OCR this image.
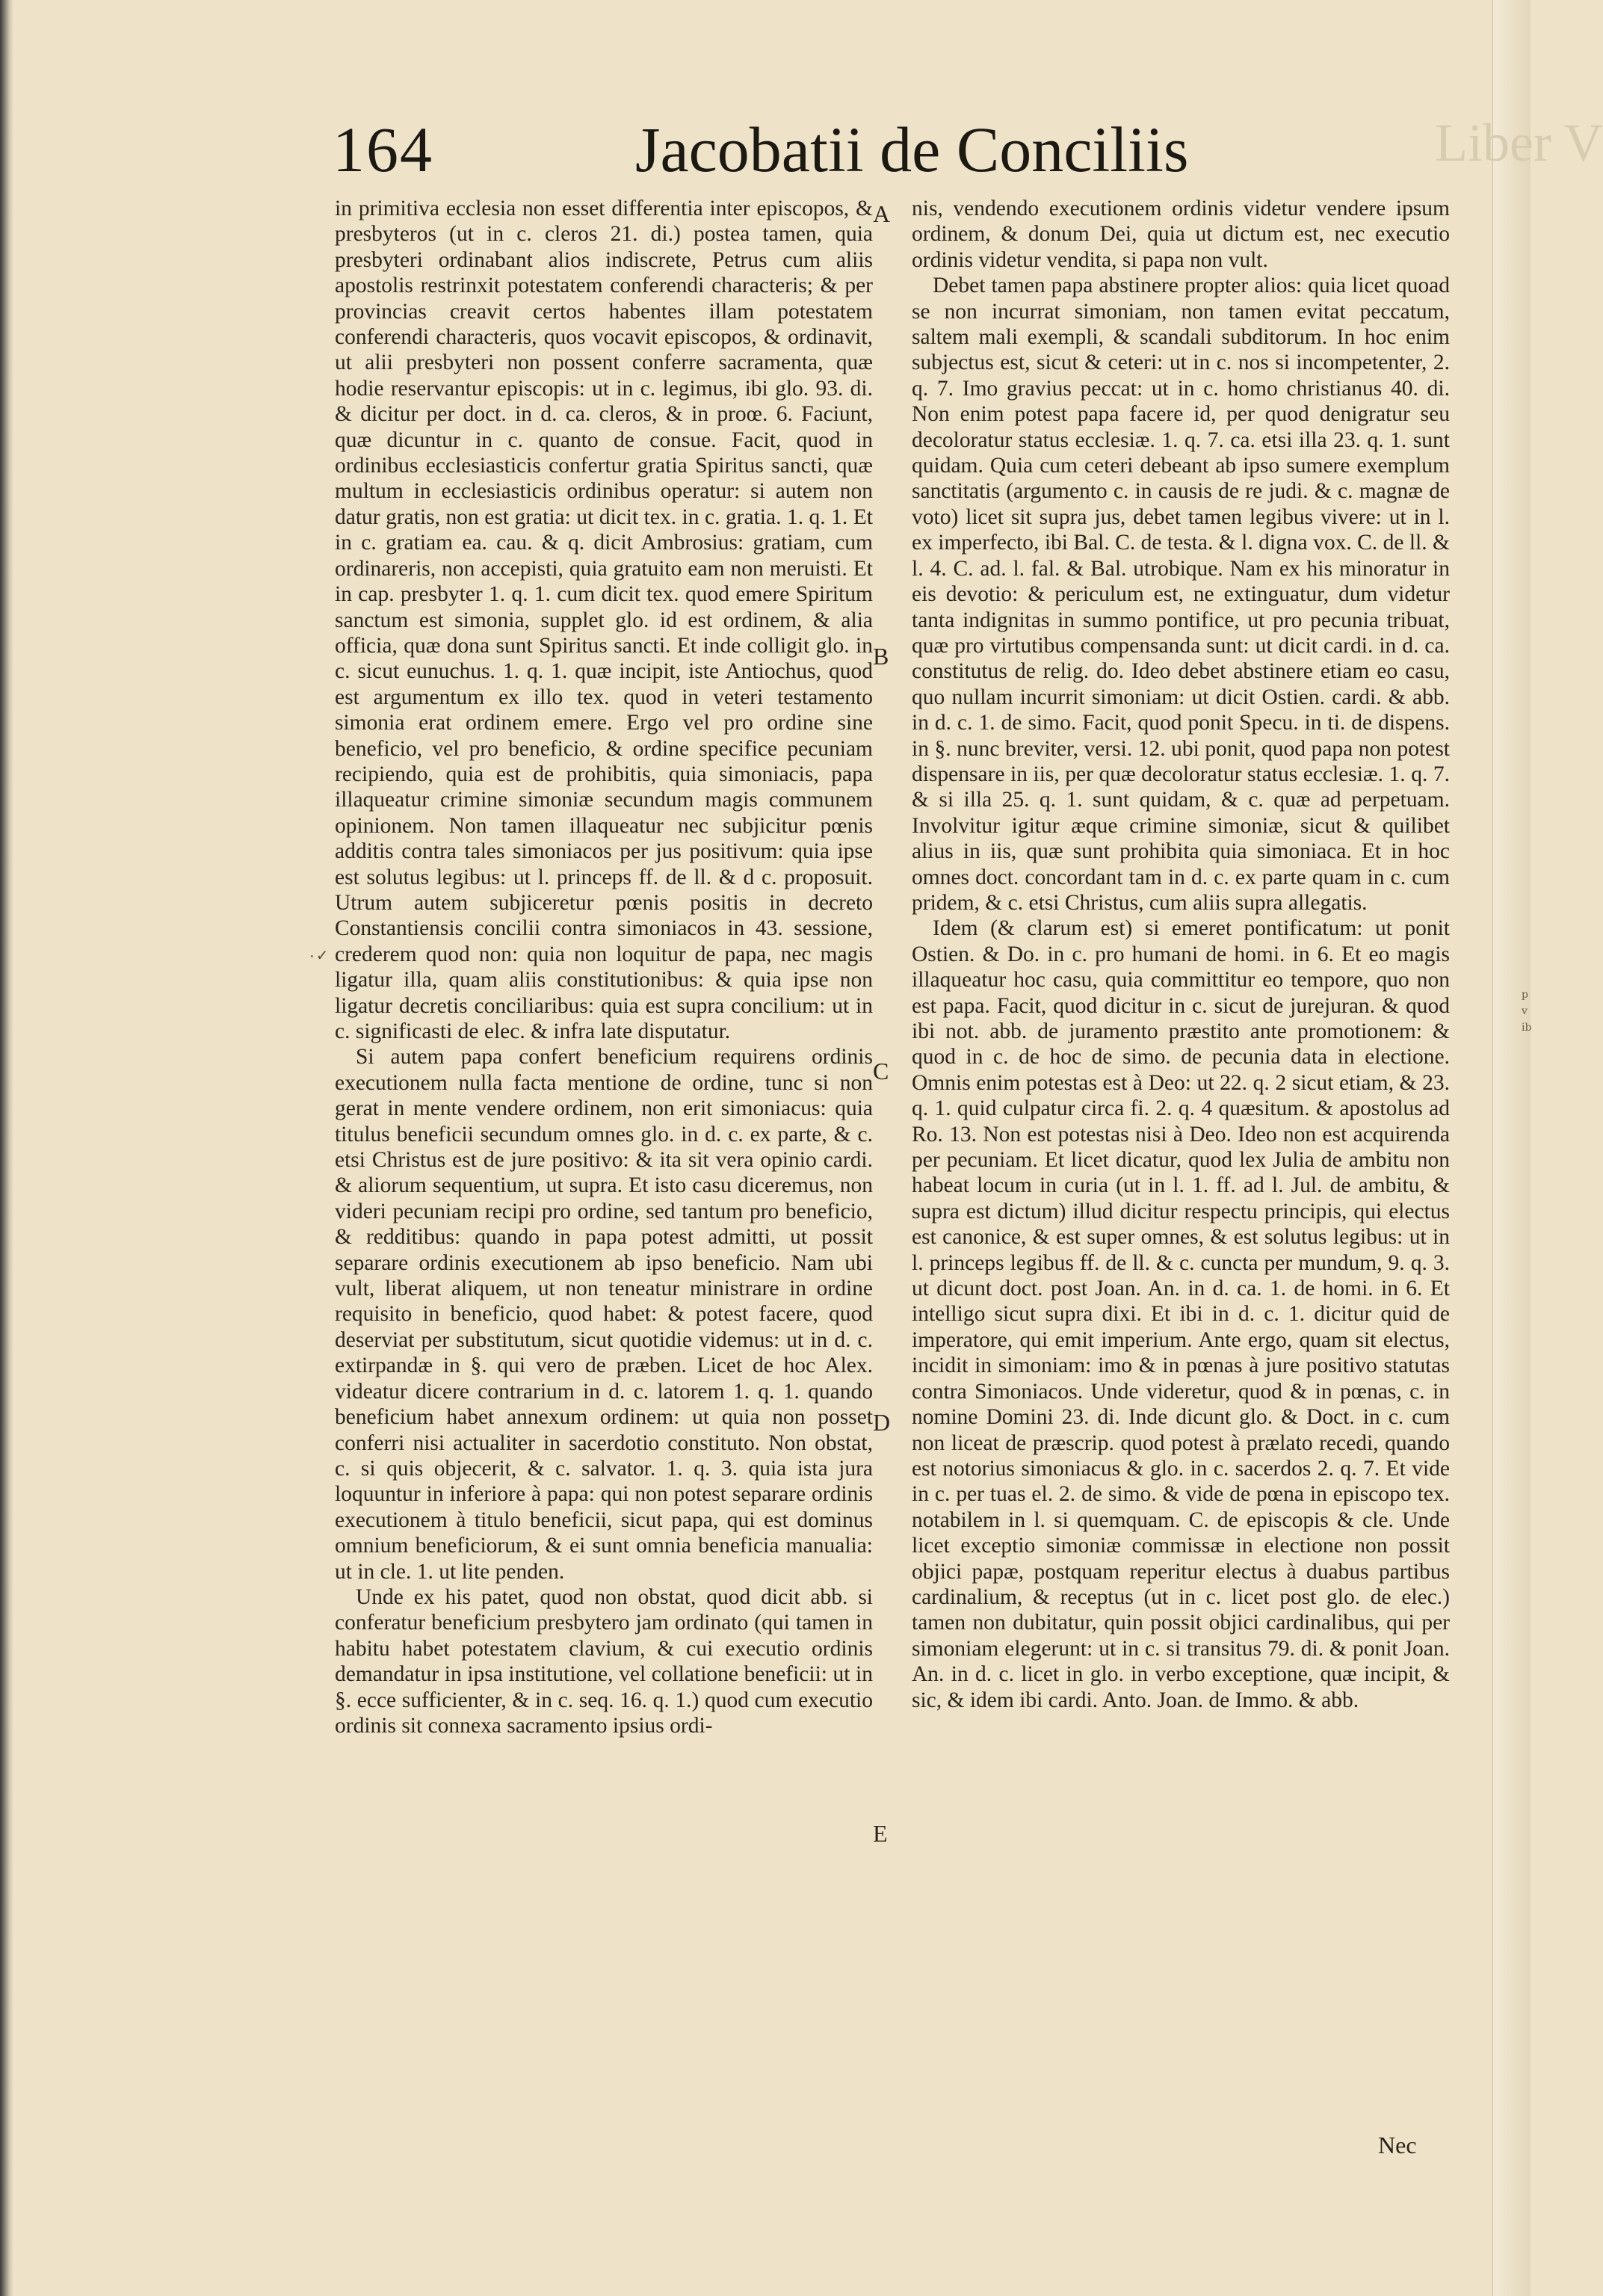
Liber V
p
v
ib
164	Jacobatii de Conciliis

in primitiva ecclesia non esset differentia inter episcopos, & presbyteros (ut in c. cleros 21. di.) postea tamen, quia presbyteri ordinabant alios indiscrete, Petrus cum aliis apostolis restrinxit potestatem conferendi characteris; & per provincias creavit certos habentes illam potestatem conferendi characteris, quos vocavit episcopos, & ordinavit, ut alii presbyteri non possent conferre sacramenta, quæ hodie reservantur episcopis: ut in c. legimus, ibi glo. 93. di. & dicitur per doct. in d. ca. cleros, & in proœ. 6. Faciunt, quæ dicuntur in c. quanto de consue. Facit, quod in ordinibus ecclesiasticis confertur gratia Spiritus sancti, quæ multum in ecclesiasticis ordinibus operatur: si autem non datur gratis, non est gratia: ut dicit tex. in c. gratia. 1. q. 1. Et in c. gratiam ea. cau. & q. dicit Ambrosius: gratiam, cum ordinareris, non accepisti, quia gratuito eam non meruisti. Et in cap. presbyter 1. q. 1. cum dicit tex. quod emere Spiritum sanctum est simonia, supplet glo. id est ordinem, & alia officia, quæ dona sunt Spiritus sancti. Et inde colligit glo. in c. sicut eunuchus. 1. q. 1. quæ incipit, iste Antiochus, quod est argumentum ex illo tex. quod in veteri testamento simonia erat ordinem emere. Ergo vel pro ordine sine beneficio, vel pro beneficio, & ordine specifice pecuniam recipiendo, quia est de prohibitis, quia simoniacis, papa illaqueatur crimine simoniæ secundum magis communem opinionem. Non tamen illaqueatur nec subjicitur pœnis additis contra tales simoniacos per jus positivum: quia ipse est solutus legibus: ut l. princeps ff. de ll. & d c. proposuit. Utrum autem subjiceretur pœnis positis in decreto Constantiensis concilii contra simoniacos in 43. sessione, crederem quod non: quia non loquitur de papa, nec magis ligatur illa, quam aliis constitutionibus: & quia ipse non ligatur decretis conciliaribus: quia est supra concilium: ut in c. significasti de elec. & infra late disputatur.

Si autem papa confert beneficium requirens ordinis executionem nulla facta mentione de ordine, tunc si non gerat in mente vendere ordinem, non erit simoniacus: quia titulus beneficii secundum omnes glo. in d. c. ex parte, & c. etsi Christus est de jure positivo: & ita sit vera opinio cardi. & aliorum sequentium, ut supra. Et isto casu diceremus, non videri pecuniam recipi pro ordine, sed tantum pro beneficio, & redditibus: quando in papa potest admitti, ut possit separare ordinis executionem ab ipso beneficio. Nam ubi vult, liberat aliquem, ut non teneatur ministrare in ordine requisito in beneficio, quod habet: & potest facere, quod deserviat per substitutum, sicut quotidie videmus: ut in d. c. extirpandæ in §. qui vero de præben. Licet de hoc Alex. videatur dicere contrarium in d. c. latorem 1. q. 1. quando beneficium habet annexum ordinem: ut quia non posset conferri nisi actualiter in sacerdotio constituto. Non obstat, c. si quis objecerit, & c. salvator. 1. q. 3. quia ista jura loquuntur in inferiore à papa: qui non potest separare ordinis executionem à titulo beneficii, sicut papa, qui est dominus omnium beneficiorum, & ei sunt omnia beneficia manualia: ut in cle. 1. ut lite penden.

Unde ex his patet, quod non obstat, quod dicit abb. si conferatur beneficium presbytero jam ordinato (qui tamen in habitu habet potestatem clavium, & cui executio ordinis demandatur in ipsa institutione, vel collatione beneficii: ut in §. ecce sufficienter, & in c. seq. 16. q. 1.) quod cum executio ordinis sit connexa sacramento ipsius ordi-

nis, vendendo executionem ordinis videtur vendere ipsum ordinem, & donum Dei, quia ut dictum est, nec executio ordinis videtur vendita, si papa non vult.

Debet tamen papa abstinere propter alios: quia licet quoad se non incurrat simoniam, non tamen evitat peccatum, saltem mali exempli, & scandali subditorum. In hoc enim subjectus est, sicut & ceteri: ut in c. nos si incompetenter, 2. q. 7. Imo gravius peccat: ut in c. homo christianus 40. di. Non enim potest papa facere id, per quod denigratur seu decoloratur status ecclesiæ. 1. q. 7. ca. etsi illa 23. q. 1. sunt quidam. Quia cum ceteri debeant ab ipso sumere exemplum sanctitatis (argumento c. in causis de re judi. & c. magnæ de voto) licet sit supra jus, debet tamen legibus vivere: ut in l. ex imperfecto, ibi Bal. C. de testa. & l. digna vox. C. de ll. & l. 4. C. ad. l. fal. & Bal. utrobique. Nam ex his minoratur in eis devotio: & periculum est, ne extinguatur, dum videtur tanta indignitas in summo pontifice, ut pro pecunia tribuat, quæ pro virtutibus compensanda sunt: ut dicit cardi. in d. ca. constitutus de relig. do. Ideo debet abstinere etiam eo casu, quo nullam incurrit simoniam: ut dicit Ostien. cardi. & abb. in d. c. 1. de simo. Facit, quod ponit Specu. in ti. de dispens. in §. nunc breviter, versi. 12. ubi ponit, quod papa non potest dispensare in iis, per quæ decoloratur status ecclesiæ. 1. q. 7. & si illa 25. q. 1. sunt quidam, & c. quæ ad perpetuam. Involvitur igitur æque crimine simoniæ, sicut & quilibet alius in iis, quæ sunt prohibita quia simoniaca. Et in hoc omnes doct. concordant tam in d. c. ex parte quam in c. cum pridem, & c. etsi Christus, cum aliis supra allegatis.

Idem (& clarum est) si emeret pontificatum: ut ponit Ostien. & Do. in c. pro humani de homi. in 6. Et eo magis illaqueatur hoc casu, quia committitur eo tempore, quo non est papa. Facit, quod dicitur in c. sicut de jurejuran. & quod ibi not. abb. de juramento præstito ante promotionem: & quod in c. de hoc de simo. de pecunia data in electione. Omnis enim potestas est à Deo: ut 22. q. 2 sicut etiam, & 23. q. 1. quid culpatur circa fi. 2. q. 4 quæsitum. & apostolus ad Ro. 13. Non est potestas nisi à Deo. Ideo non est acquirenda per pecuniam. Et licet dicatur, quod lex Julia de ambitu non habeat locum in curia (ut in l. 1. ff. ad l. Jul. de ambitu, & supra est dictum) illud dicitur respectu principis, qui electus est canonice, & est super omnes, & est solutus legibus: ut in l. princeps legibus ff. de ll. & c. cuncta per mundum, 9. q. 3. ut dicunt doct. post Joan. An. in d. ca. 1. de homi. in 6. Et intelligo sicut supra dixi. Et ibi in d. c. 1. dicitur quid de imperatore, qui emit imperium. Ante ergo, quam sit electus, incidit in simoniam: imo & in pœnas à jure positivo statutas contra Simoniacos. Unde videretur, quod & in pœnas, c. in nomine Domini 23. di. Inde dicunt glo. & Doct. in c. cum non liceat de præscrip. quod potest à prælato recedi, quando est notorius simoniacus & glo. in c. sacerdos 2. q. 7. Et vide in c. per tuas el. 2. de simo. & vide de pœna in episcopo tex. notabilem in l. si quemquam. C. de episcopis & cle. Unde licet exceptio simoniæ commissæ in electione non possit objici papæ, postquam reperitur electus à duabus partibus cardinalium, & receptus (ut in c. licet post glo. de elec.) tamen non dubitatur, quin possit objici cardinalibus, qui per simoniam elegerunt: ut in c. si transitus 79. di. & ponit Joan. An. in d. c. licet in glo. in verbo exceptione, quæ incipit, & sic, & idem ibi cardi. Anto. Joan. de Immo. & abb.

A
B
C
D
E
٠✓
Nec
